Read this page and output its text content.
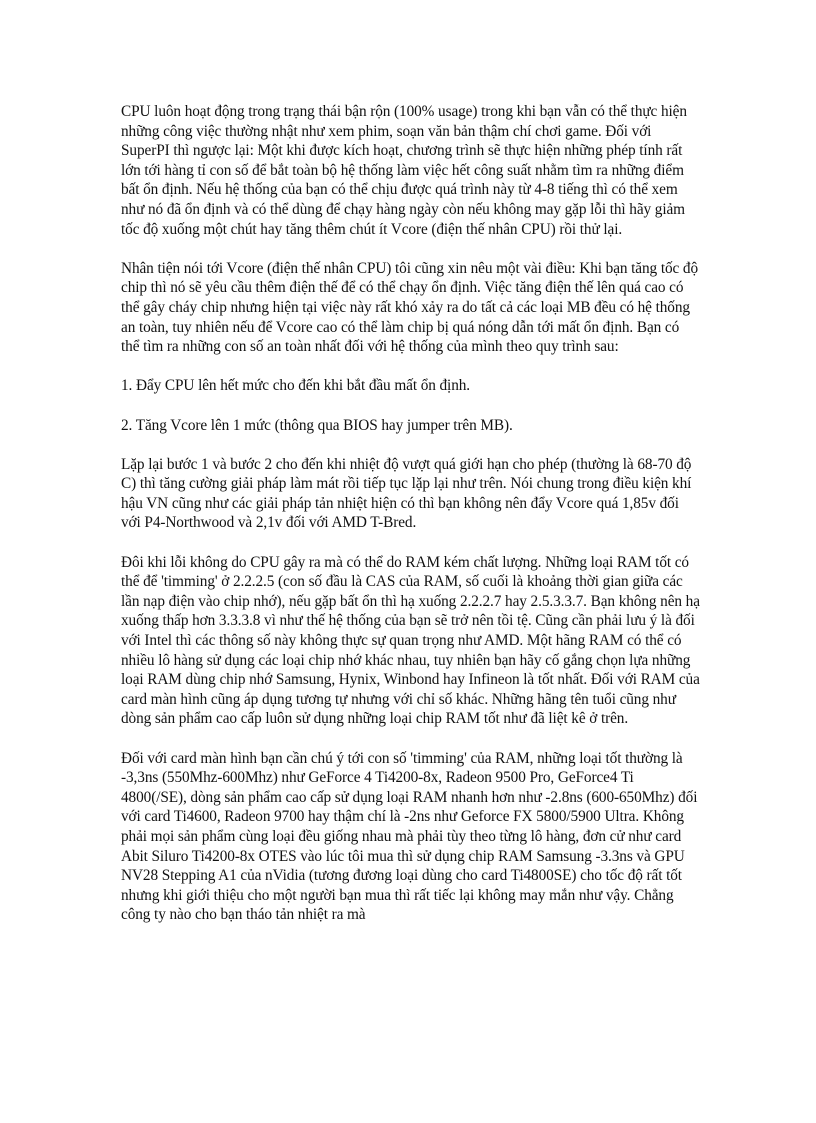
CPU luôn hoạt động trong trạng thái bận rộn (100% usage) trong khi bạn vẫn có thể thực hiện những công việc thường nhật như xem phim, soạn văn bản thậm chí chơi game. Đối với SuperPI thì ngược lại: Một khi được kích hoạt, chương trình sẽ thực hiện những phép tính rất lớn tới hàng tỉ con số để bắt toàn bộ hệ thống làm việc hết công suất nhằm tìm ra những điểm bất ổn định. Nếu hệ thống của bạn có thể chịu được quá trình này từ 4-8 tiếng thì có thể xem như nó đã ổn định và có thể dùng để chạy hàng ngày còn nếu không may gặp lỗi thì hãy giảm tốc độ xuống một chút hay tăng thêm chút ít Vcore (điện thế nhân CPU) rồi thử lại.

Nhân tiện nói tới Vcore (điện thế nhân CPU) tôi cũng xin nêu một vài điều: Khi bạn tăng tốc độ chip thì nó sẽ yêu cầu thêm điện thế để có thể chạy ổn định. Việc tăng điện thế lên quá cao có thể gây cháy chip nhưng hiện tại việc này rất khó xảy ra do tất cả các loại MB đều có hệ thống an toàn, tuy nhiên nếu để Vcore cao có thể làm chip bị quá nóng dẫn tới mất ổn định. Bạn có thể tìm ra những con số an toàn nhất đối với hệ thống của mình theo quy trình sau:

1. Đẩy CPU lên hết mức cho đến khi bắt đầu mất ổn định.

2. Tăng Vcore lên 1 mức (thông qua BIOS hay jumper trên MB).

Lặp lại bước 1 và bước 2 cho đến khi nhiệt độ vượt quá giới hạn cho phép (thường là 68-70 độ C) thì tăng cường giải pháp làm mát rồi tiếp tục lặp lại như trên. Nói chung trong điều kiện khí hậu VN cũng như các giải pháp tản nhiệt hiện có thì bạn không nên đẩy Vcore quá 1,85v đối với P4-Northwood và 2,1v đối với AMD T-Bred.

Đôi khi lỗi không do CPU gây ra mà có thể do RAM kém chất lượng. Những loại RAM tốt có thể để 'timming' ở 2.2.2.5 (con số đầu là CAS của RAM, số cuối là khoảng thời gian giữa các lần nạp điện vào chip nhớ), nếu gặp bất ổn thì hạ xuống 2.2.2.7 hay 2.5.3.3.7. Bạn không nên hạ xuống thấp hơn 3.3.3.8 vì như thế hệ thống của bạn sẽ trở nên tồi tệ. Cũng cần phải lưu ý là đối với Intel thì các thông số này không thực sự quan trọng như AMD. Một hãng RAM có thể có nhiều lô hàng sử dụng các loại chip nhớ khác nhau, tuy nhiên bạn hãy cố gắng chọn lựa những loại RAM dùng chip nhớ Samsung, Hynix, Winbond hay Infineon là tốt nhất. Đối với RAM của card màn hình cũng áp dụng tương tự nhưng với chỉ số khác. Những hãng tên tuổi cũng như dòng sản phẩm cao cấp luôn sử dụng những loại chip RAM tốt như đã liệt kê ở trên.

Đối với card màn hình bạn cần chú ý tới con số 'timming' của RAM, những loại tốt thường là -3,3ns (550Mhz-600Mhz) như GeForce 4 Ti4200-8x, Radeon 9500 Pro, GeForce4 Ti 4800(/SE), dòng sản phẩm cao cấp sử dụng loại RAM nhanh hơn như -2.8ns (600-650Mhz) đối với card Ti4600, Radeon 9700 hay thậm chí là -2ns như Geforce FX 5800/5900 Ultra. Không phải mọi sản phẩm cùng loại đều giống nhau mà phải tùy theo từng lô hàng, đơn cử như card Abit Siluro Ti4200-8x OTES vào lúc tôi mua thì sử dụng chip RAM Samsung -3.3ns và GPU NV28 Stepping A1 của nVidia (tương đương loại dùng cho card Ti4800SE) cho tốc độ rất tốt nhưng khi giới thiệu cho một người bạn mua thì rất tiếc lại không may mắn như vậy. Chẳng công ty nào cho bạn tháo tản nhiệt ra mà
